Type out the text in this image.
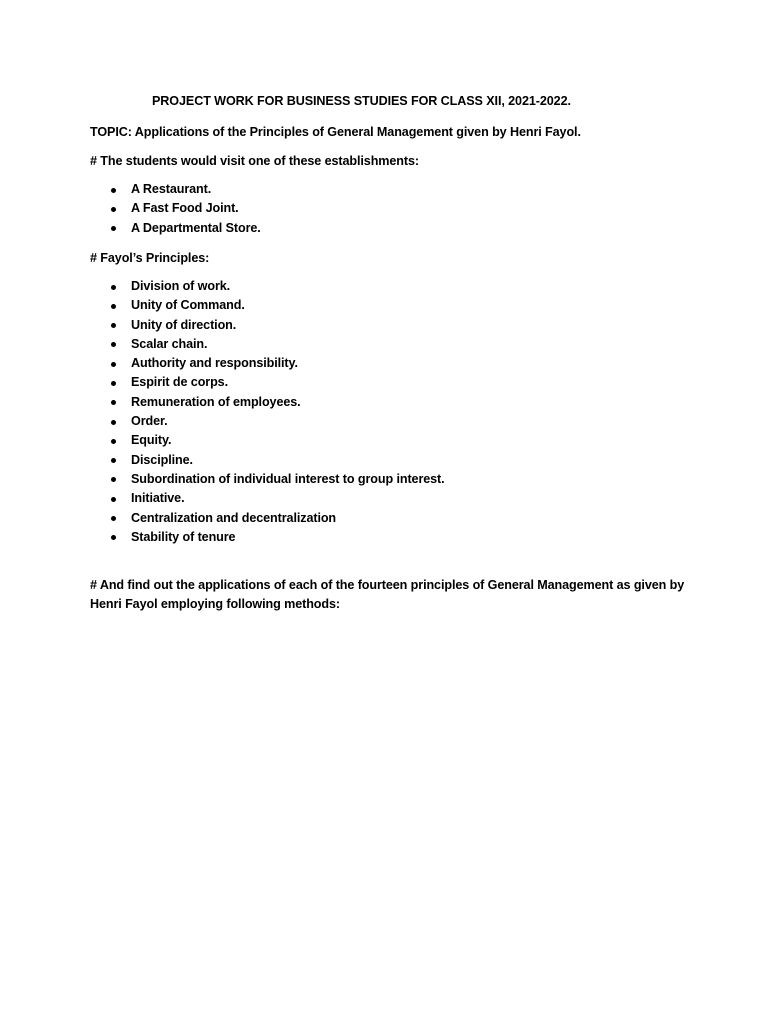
PROJECT WORK FOR BUSINESS STUDIES FOR CLASS XII, 2021-2022.
TOPIC: Applications of the Principles of General Management given by Henri Fayol.
# The students would visit one of these establishments:
A Restaurant.
A Fast Food Joint.
A Departmental Store.
# Fayol’s Principles:
Division of work.
Unity of Command.
Unity of direction.
Scalar chain.
Authority and responsibility.
Espirit de corps.
Remuneration of employees.
Order.
Equity.
Discipline.
Subordination of individual interest to group interest.
Initiative.
Centralization and decentralization
Stability of tenure
# And find out the applications of each of the fourteen principles of General Management as given by
Henri Fayol employing following methods:
